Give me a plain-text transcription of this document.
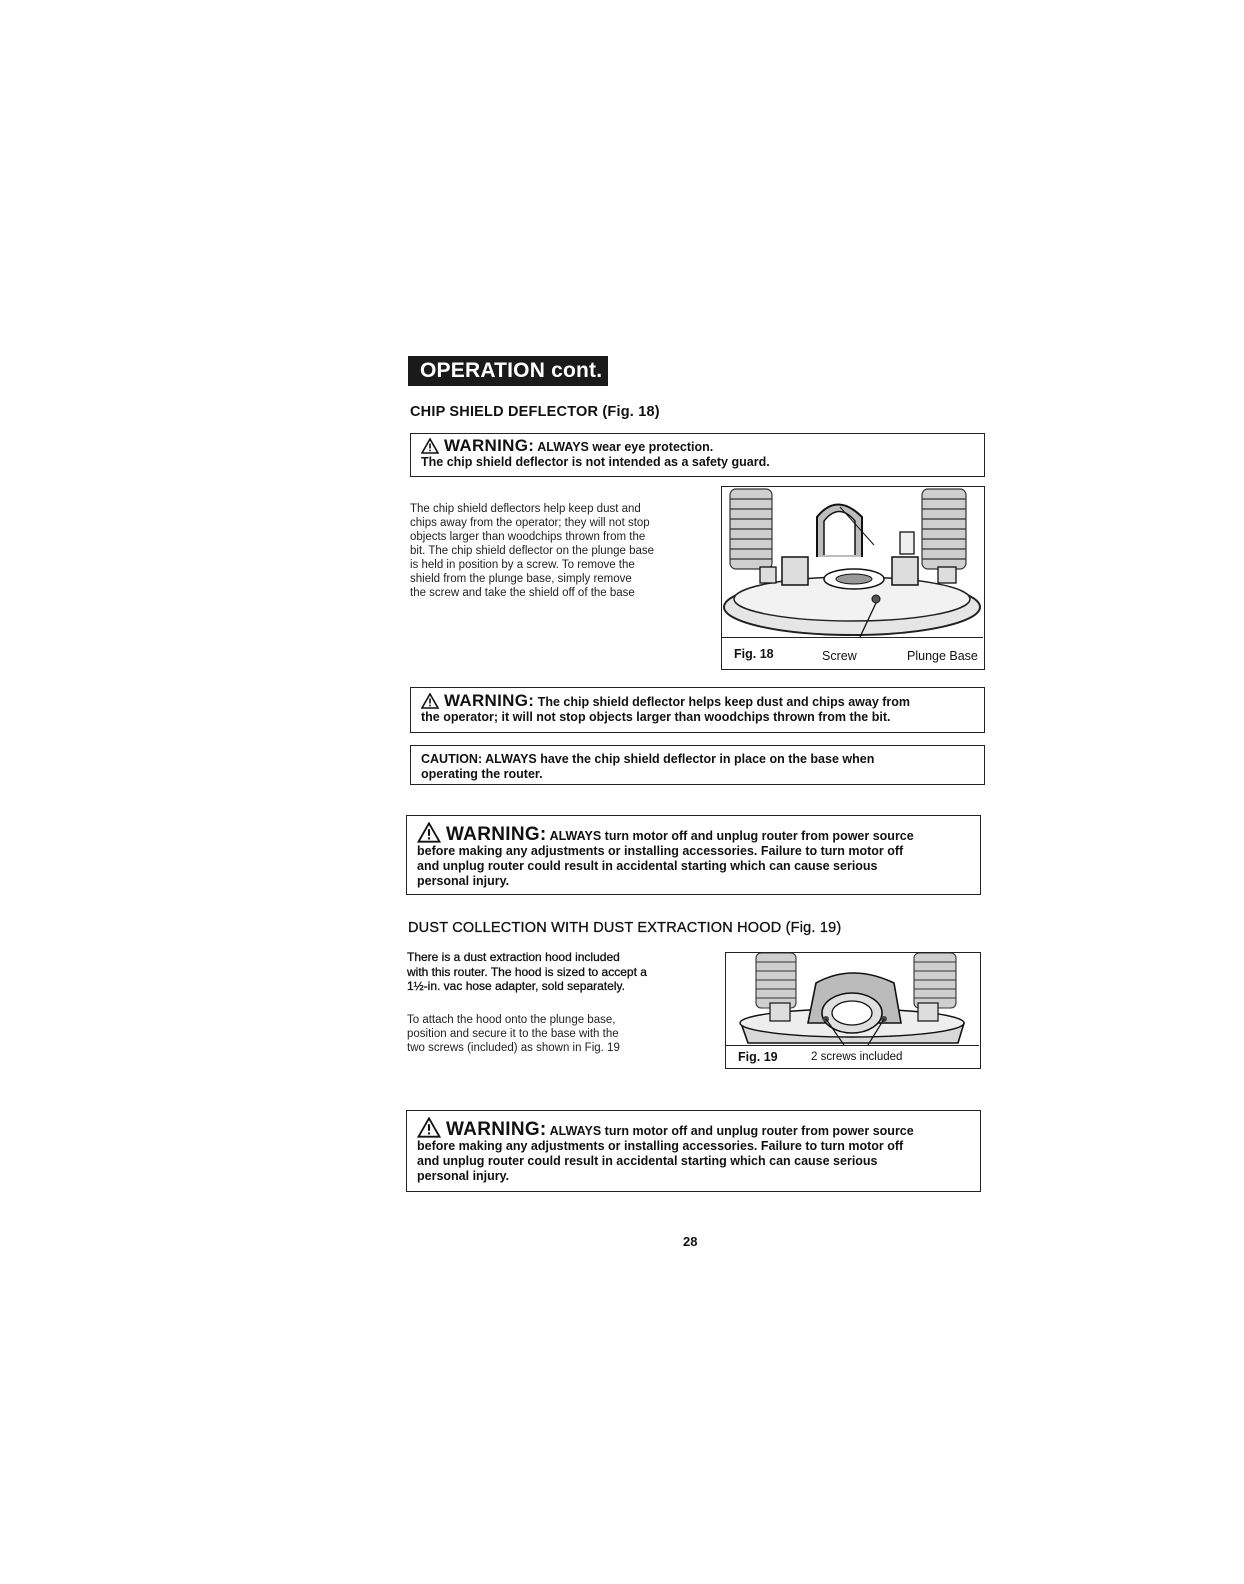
OPERATION cont.
CHIP SHIELD DEFLECTOR (Fig. 18)
WARNING: ALWAYS wear eye protection.
The chip shield deflector is not intended as a safety guard.
The chip shield deflectors help keep dust and
chips away from the operator; they will not stop
objects larger than woodchips thrown from the
bit. The chip shield deflector on the plunge base
is held in position by a screw. To remove the
shield from the plunge base, simply remove
the screw and take the shield off of the base
Fig. 18	Screw	Plunge Base
WARNING: The chip shield deflector helps keep dust and chips away from
the operator; it will not stop objects larger than woodchips thrown from the bit.
CAUTION: ALWAYS have the chip shield deflector in place on the base when
operating the router.
WARNING: ALWAYS turn motor off and unplug router from power source
before making any adjustments or installing accessories. Failure to turn motor off
and unplug router could result in accidental starting which can cause serious
personal injury.
DUST COLLECTION WITH DUST EXTRACTION HOOD (Fig. 19)
There is a dust extraction hood included
with this router. The hood is sized to accept a
1½-in. vac hose adapter, sold separately.
To attach the hood onto the plunge base,
position and secure it to the base with the
two screws (included) as shown in Fig. 19
Fig. 19	2 screws included
WARNING: ALWAYS turn motor off and unplug router from power source
before making any adjustments or installing accessories. Failure to turn motor off
and unplug router could result in accidental starting which can cause serious
personal injury.
28
